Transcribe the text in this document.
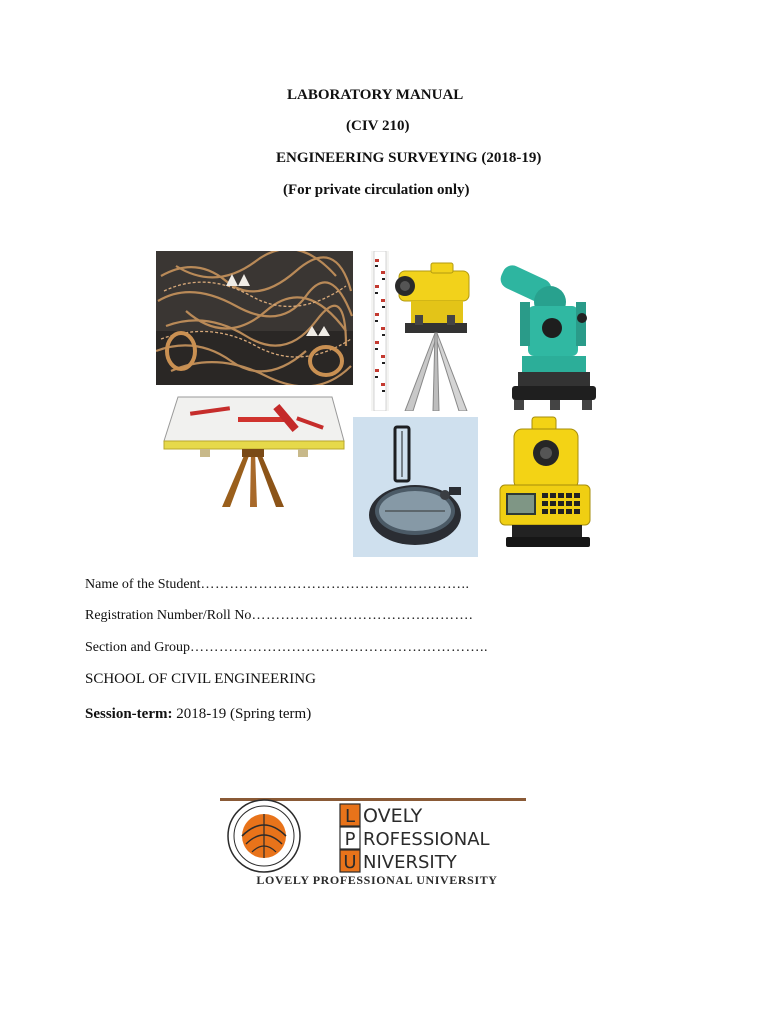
LABORATORY MANUAL
(CIV 210)
ENGINEERING SURVEYING (2018-19)
(For private circulation only)
Name of the Student………………………………………………..
Registration Number/Roll No……………………………………….
Section and Group……………………………………………………..
SCHOOL OF CIVIL ENGINEERING
Session-term: 2018-19 (Spring term)
L
P
U
OVELY
ROFESSIONAL
NIVERSITY
LOVELY PROFESSIONAL UNIVERSITY
